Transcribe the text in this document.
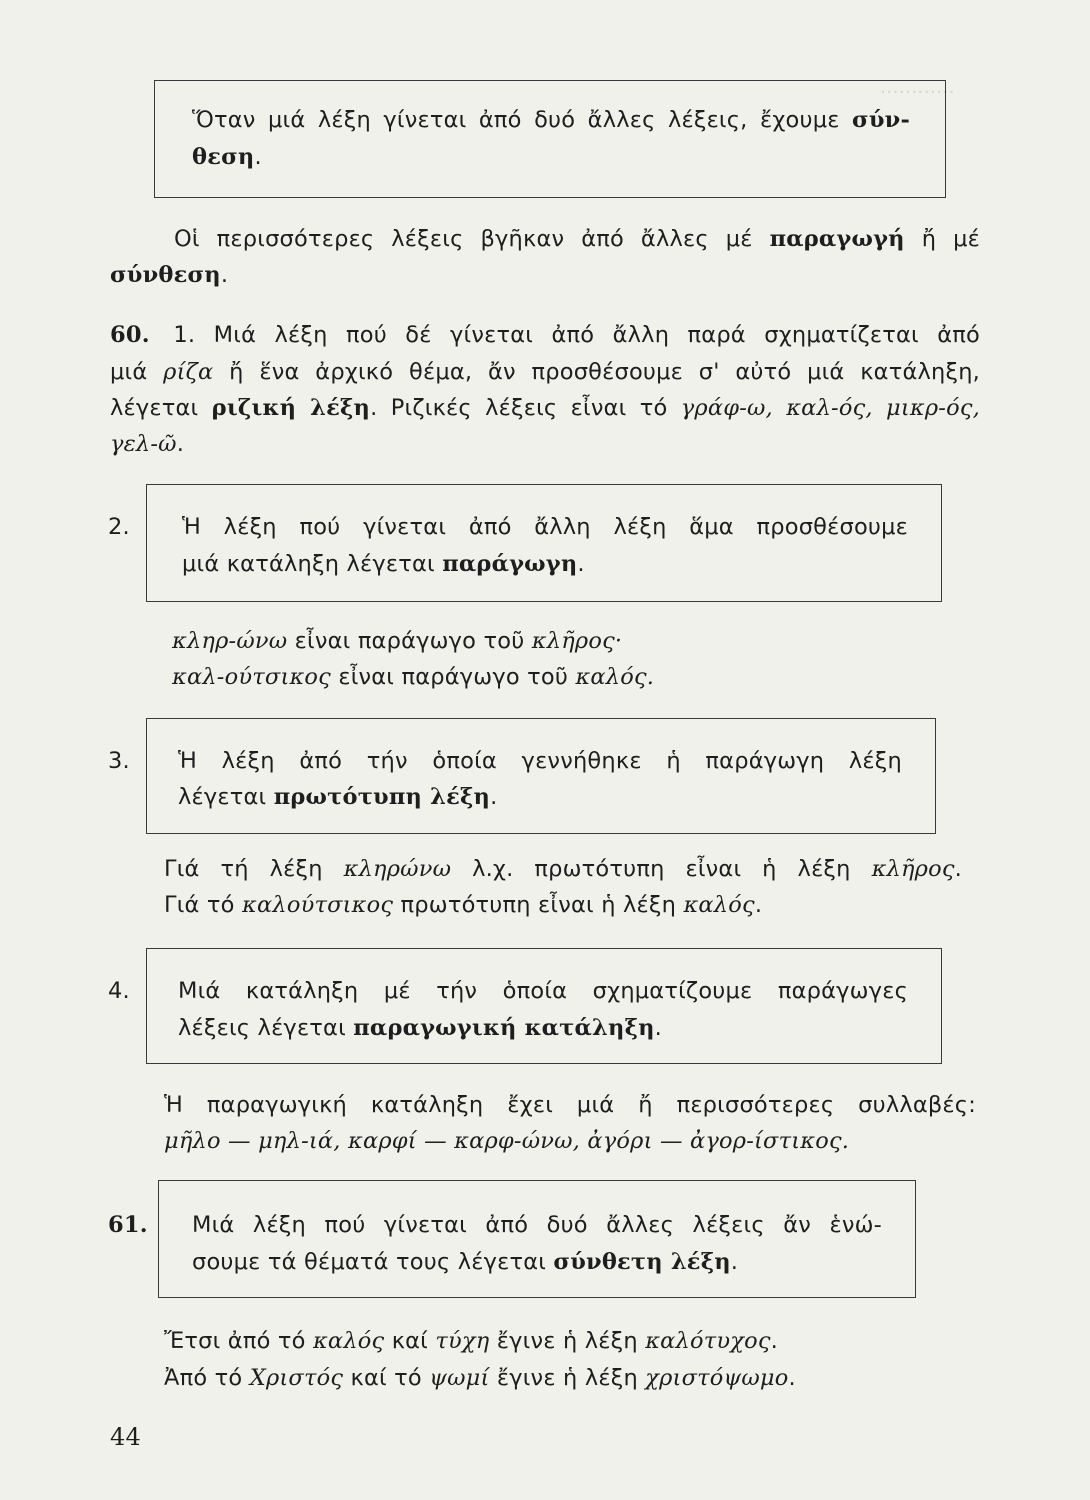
............
Ὅταν μιά λέξη γίνεται ἀπό δυό ἄλλες λέξεις, ἔχουμε σύν-
θεση.
Οἱ περισσότερες λέξεις βγῆκαν ἀπό ἄλλες μέ παραγωγή ἤ μέ
σύνθεση.
60. 1. Μιά λέξη πού δέ γίνεται ἀπό ἄλλη παρά σχηματίζεται ἀπό
μιά ρίζα ἤ ἕνα ἀρχικό θέμα, ἄν προσθέσουμε σ' αὐτό μιά κατάληξη,
λέγεται ριζική λέξη. Ριζικές λέξεις εἶναι τό γράφ-ω, καλ-ός, μικρ-ός,
γελ-ῶ.
2. Ἡ λέξη πού γίνεται ἀπό ἄλλη λέξη ἅμα προσθέσουμε
μιά κατάληξη λέγεται παράγωγη.
κληρ-ώνω εἶναι παράγωγο τοῦ κλῆρος·
καλ-ούτσικος εἶναι παράγωγο τοῦ καλός.
3. Ἡ λέξη ἀπό τήν ὁποία γεννήθηκε ἡ παράγωγη λέξη
λέγεται πρωτότυπη λέξη.
Γιά τή λέξη κληρώνω λ.χ. πρωτότυπη εἶναι ἡ λέξη κλῆρος.
Γιά τό καλούτσικος πρωτότυπη εἶναι ἡ λέξη καλός.
4. Μιά κατάληξη μέ τήν ὁποία σχηματίζουμε παράγωγες
λέξεις λέγεται παραγωγική κατάληξη.
Ἡ παραγωγική κατάληξη ἔχει μιά ἤ περισσότερες συλλαβές:
μῆλο — μηλ-ιά, καρφί — καρφ-ώνω, ἀγόρι — ἀγορ-ίστικος.
61. Μιά λέξη πού γίνεται ἀπό δυό ἄλλες λέξεις ἄν ἑνώ-
σουμε τά θέματά τους λέγεται σύνθετη λέξη.
Ἔτσι ἀπό τό καλός καί τύχη ἔγινε ἡ λέξη καλότυχος.
Ἀπό τό Χριστός καί τό ψωμί ἔγινε ἡ λέξη χριστόψωμο.
44
